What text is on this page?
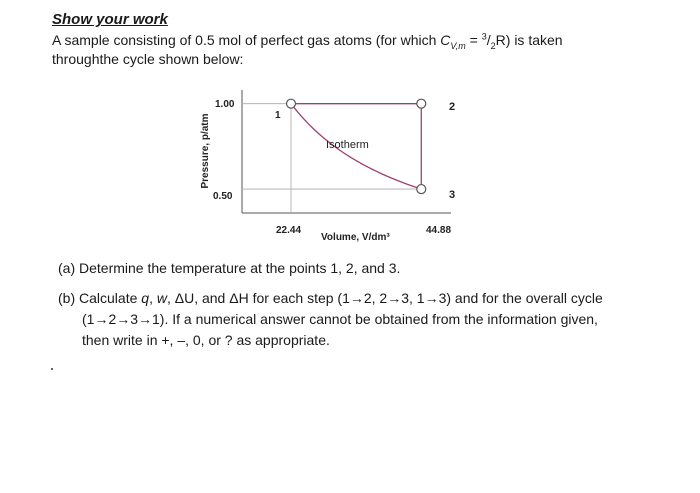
Show your work
A sample consisting of 0.5 mol of perfect gas atoms (for which $C_{V,m} = ^3/_2R$) is taken
throughthe cycle shown below:
1
2
3
Isotherm
1.00
0.50
22.44	44.88
Volume, V/dm³
Pressure, p/atm
(a) Determine the temperature at the points 1, 2, and 3.
(b) Calculate q, w, ΔU, and ΔH for each step (1→2, 2→3, 1→3) and for the overall cycle
(1→2→3→1). If a numerical answer cannot be obtained from the information given,
then write in +, –, 0, or ? as appropriate.
